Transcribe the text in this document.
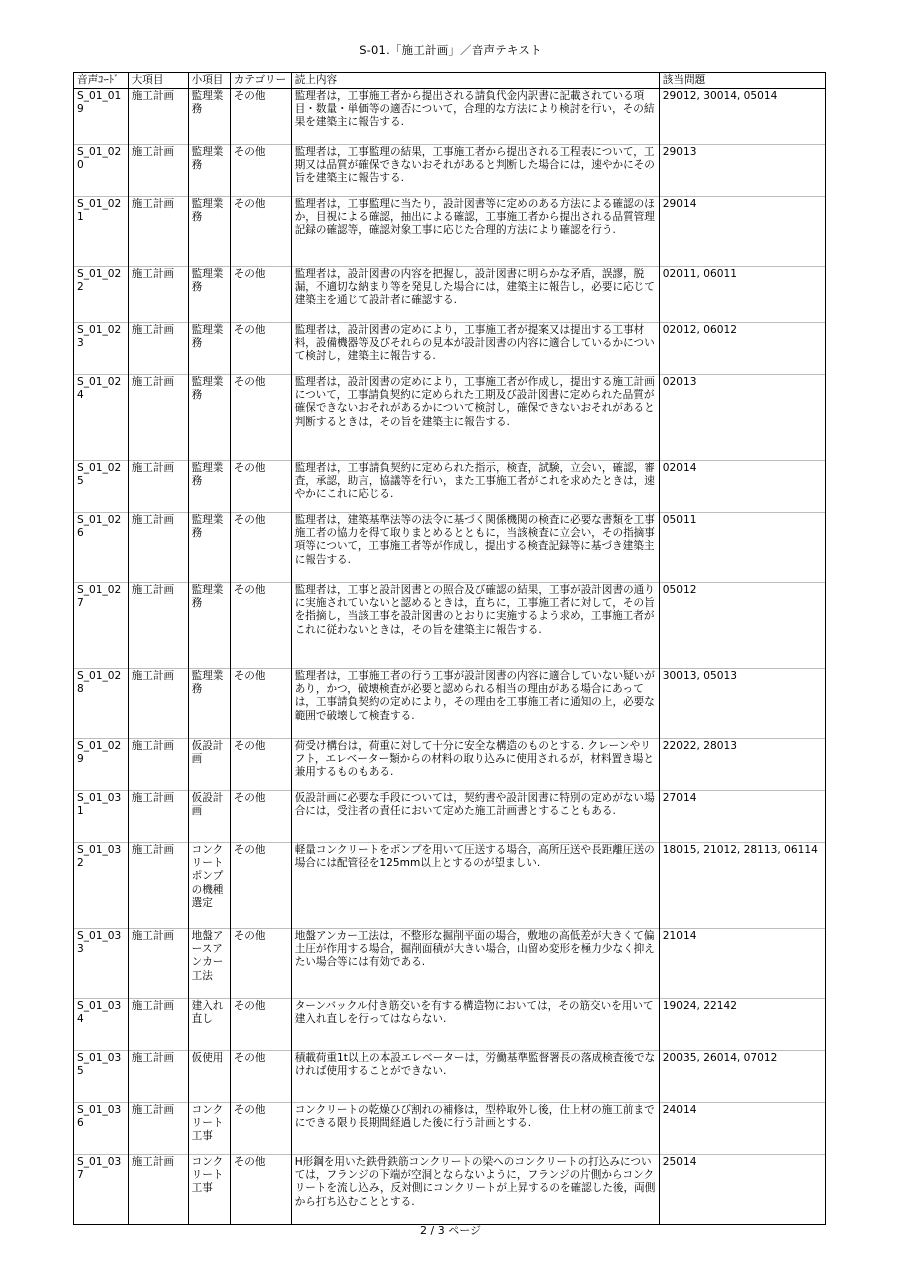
S-01.「施工計画」／音声テキスト
音声ｺｰﾄﾞ	大項目	小項目	カテゴリー	読上内容	該当問題
S_01_019	施工計画	監理業務	その他	監理者は，工事施工者から提出される請負代金内訳書に記載されている項目・数量・単価等の適否について，合理的な方法により検討を行い，その結果を建築主に報告する.	29012, 30014, 05014
S_01_020	施工計画	監理業務	その他	監理者は，工事監理の結果，工事施工者から提出される工程表について，工期又は品質が確保できないおそれがあると判断した場合には，速やかにその旨を建築主に報告する.	29013
S_01_021	施工計画	監理業務	その他	監理者は，工事監理に当たり，設計図書等に定めのある方法による確認のほか，目視による確認，抽出による確認，工事施工者から提出される品質管理記録の確認等，確認対象工事に応じた合理的方法により確認を行う.	29014
S_01_022	施工計画	監理業務	その他	監理者は，設計図書の内容を把握し，設計図書に明らかな矛盾，誤謬，脱漏，不適切な納まり等を発見した場合には，建築主に報告し，必要に応じて建築主を通じて設計者に確認する.	02011, 06011
S_01_023	施工計画	監理業務	その他	監理者は，設計図書の定めにより，工事施工者が提案又は提出する工事材料，設備機器等及びそれらの見本が設計図書の内容に適合しているかについて検討し，建築主に報告する.	02012, 06012
S_01_024	施工計画	監理業務	その他	監理者は，設計図書の定めにより，工事施工者が作成し，提出する施工計画について，工事請負契約に定められた工期及び設計図書に定められた品質が確保できないおそれがあるかについて検討し，確保できないおそれがあると判断するときは，その旨を建築主に報告する.	02013
S_01_025	施工計画	監理業務	その他	監理者は，工事請負契約に定められた指示，検査，試験，立会い，確認，審査，承認，助言，協議等を行い，また工事施工者がこれを求めたときは，速やかにこれに応じる.	02014
S_01_026	施工計画	監理業務	その他	監理者は，建築基準法等の法令に基づく関係機関の検査に必要な書類を工事施工者の協力を得て取りまとめるとともに，当該検査に立会い，その指摘事項等について，工事施工者等が作成し，提出する検査記録等に基づき建築主に報告する.	05011
S_01_027	施工計画	監理業務	その他	監理者は，工事と設計図書との照合及び確認の結果，工事が設計図書の通りに実施されていないと認めるときは，直ちに，工事施工者に対して，その旨を指摘し，当該工事を設計図書のとおりに実施するよう求め，工事施工者がこれに従わないときは，その旨を建築主に報告する.	05012
S_01_028	施工計画	監理業務	その他	監理者は，工事施工者の行う工事が設計図書の内容に適合していない疑いがあり，かつ，破壊検査が必要と認められる相当の理由がある場合にあっては，工事請負契約の定めにより，その理由を工事施工者に通知の上，必要な範囲で破壊して検査する.	30013, 05013
S_01_029	施工計画	仮設計画	その他	荷受け構台は，荷重に対して十分に安全な構造のものとする. クレーンやリフト，エレベーター類からの材料の取り込みに使用されるが，材料置き場と兼用するものもある.	22022, 28013
S_01_031	施工計画	仮設計画	その他	仮設計画に必要な手段については，契約書や設計図書に特別の定めがない場合には，受注者の責任において定めた施工計画書とすることもある.	27014
S_01_032	施工計画	コンクリートポンプの機種選定	その他	軽量コンクリートをポンプを用いて圧送する場合，高所圧送や長距離圧送の場合には配管径を125mm以上とするのが望ましい.	18015, 21012, 28113, 06114
S_01_033	施工計画	地盤アースアンカー工法	その他	地盤アンカー工法は，不整形な掘削平面の場合，敷地の高低差が大きくて偏土圧が作用する場合，掘削面積が大きい場合，山留め変形を極力少なく抑えたい場合等には有効である.	21014
S_01_034	施工計画	建入れ直し	その他	ターンバックル付き筋交いを有する構造物においては，その筋交いを用いて建入れ直しを行ってはならない.	19024, 22142
S_01_035	施工計画	仮使用	その他	積載荷重1t以上の本設エレベーターは，労働基準監督署長の落成検査後でなければ使用することができない.	20035, 26014, 07012
S_01_036	施工計画	コンクリート工事	その他	コンクリートの乾燥ひび割れの補修は，型枠取外し後，仕上材の施工前までにできる限り長期間経過した後に行う計画とする.	24014
S_01_037	施工計画	コンクリート工事	その他	H形鋼を用いた鉄骨鉄筋コンクリートの梁へのコンクリートの打込みについては，フランジの下端が空洞とならないように，フランジの片側からコンクリートを流し込み，反対側にコンクリートが上昇するのを確認した後，両側から打ち込むこととする.	25014
2 / 3 ページ
